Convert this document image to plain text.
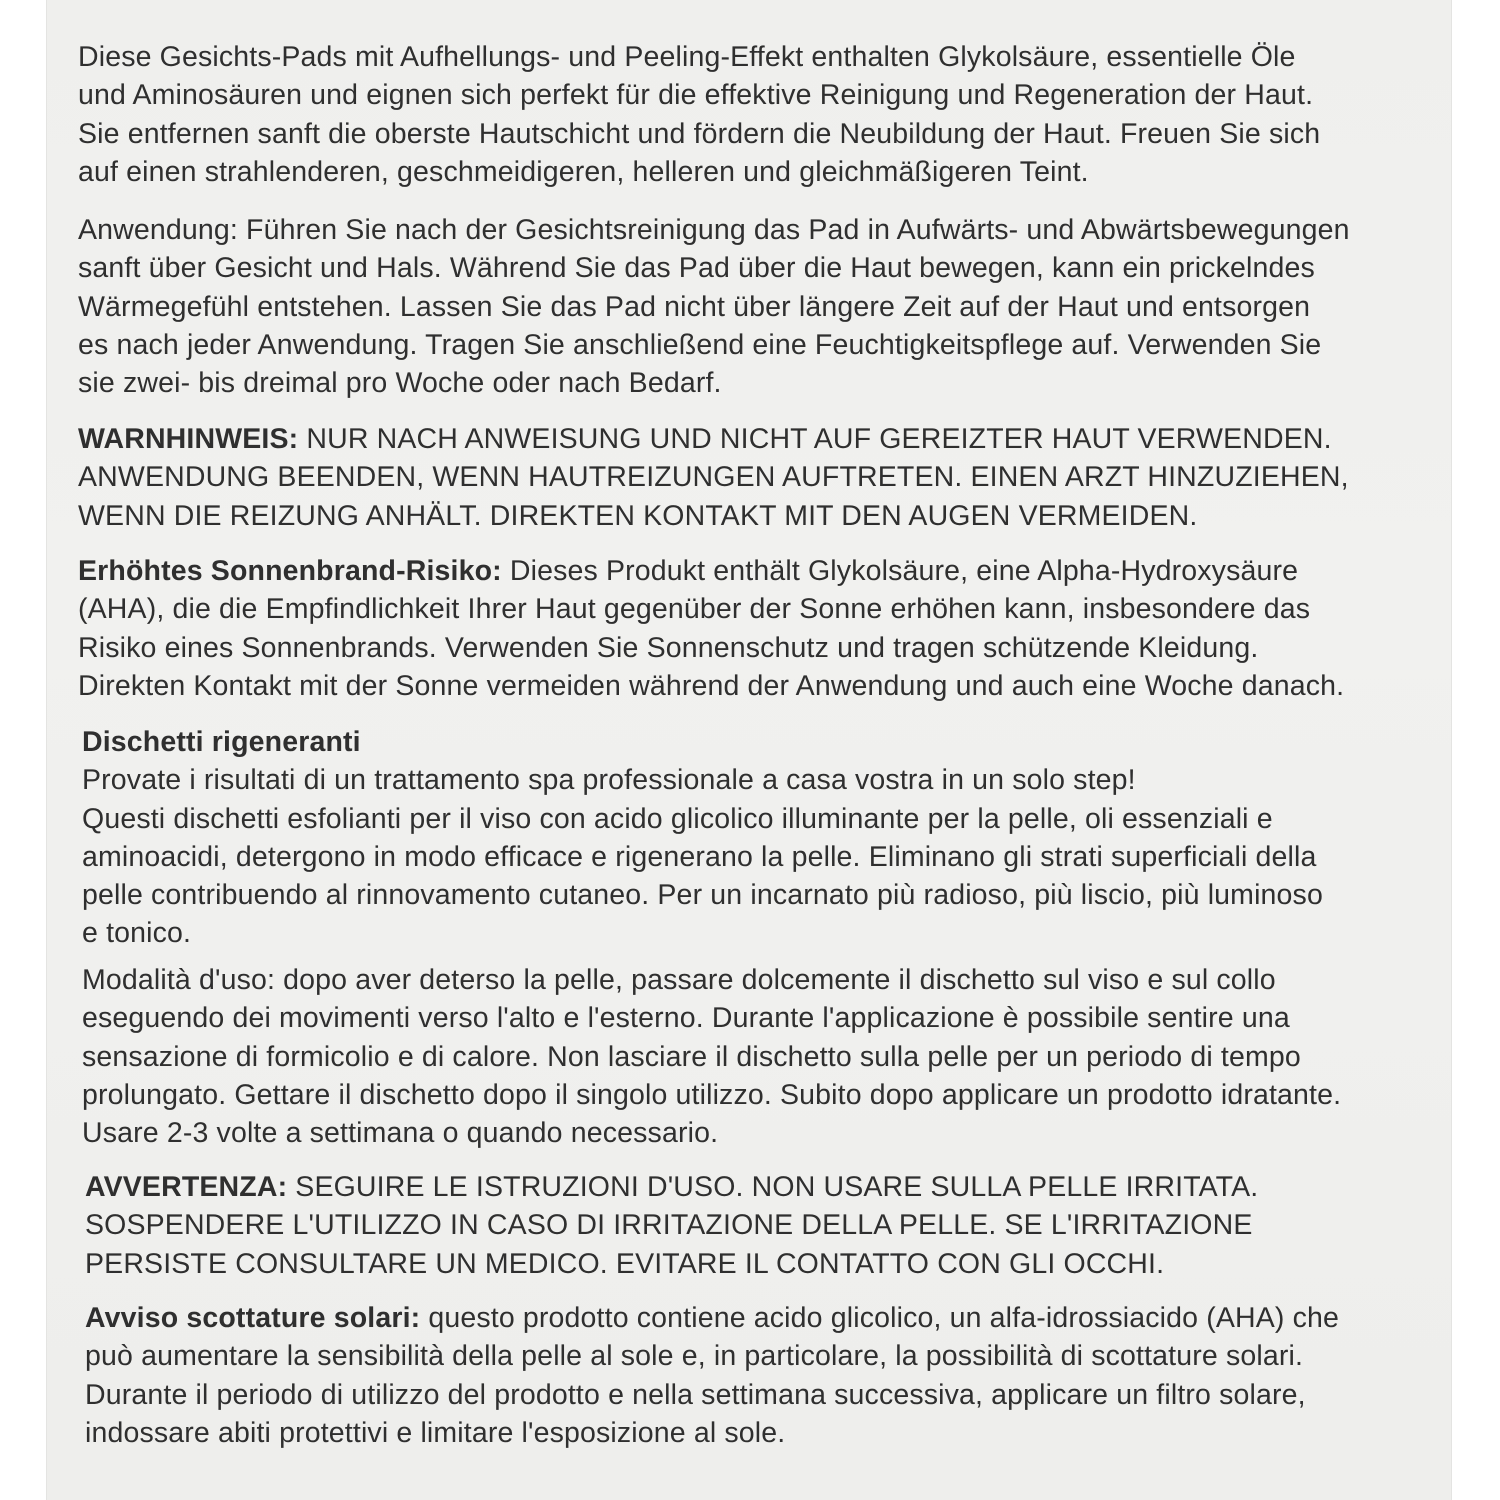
Diese Gesichts-Pads mit Aufhellungs- und Peeling-Effekt enthalten Glykolsäure, essentielle Öle
und Aminosäuren und eignen sich perfekt für die effektive Reinigung und Regeneration der Haut.
Sie entfernen sanft die oberste Hautschicht und fördern die Neubildung der Haut. Freuen Sie sich
auf einen strahlenderen, geschmeidigeren, helleren und gleichmäßigeren Teint.
Anwendung: Führen Sie nach der Gesichtsreinigung das Pad in Aufwärts- und Abwärtsbewegungen
sanft über Gesicht und Hals. Während Sie das Pad über die Haut bewegen, kann ein prickelndes
Wärmegefühl entstehen. Lassen Sie das Pad nicht über längere Zeit auf der Haut und entsorgen
es nach jeder Anwendung. Tragen Sie anschließend eine Feuchtigkeitspflege auf. Verwenden Sie
sie zwei- bis dreimal pro Woche oder nach Bedarf.
WARNHINWEIS: NUR NACH ANWEISUNG UND NICHT AUF GEREIZTER HAUT VERWENDEN.
ANWENDUNG BEENDEN, WENN HAUTREIZUNGEN AUFTRETEN. EINEN ARZT HINZUZIEHEN,
WENN DIE REIZUNG ANHÄLT. DIREKTEN KONTAKT MIT DEN AUGEN VERMEIDEN.
Erhöhtes Sonnenbrand-Risiko: Dieses Produkt enthält Glykolsäure, eine Alpha-Hydroxysäure
(AHA), die die Empfindlichkeit Ihrer Haut gegenüber der Sonne erhöhen kann, insbesondere das
Risiko eines Sonnenbrands. Verwenden Sie Sonnenschutz und tragen schützende Kleidung.
Direkten Kontakt mit der Sonne vermeiden während der Anwendung und auch eine Woche danach.
Dischetti rigeneranti
Provate i risultati di un trattamento spa professionale a casa vostra in un solo step!
Questi dischetti esfolianti per il viso con acido glicolico illuminante per la pelle, oli essenziali e
aminoacidi, detergono in modo efficace e rigenerano la pelle. Eliminano gli strati superficiali della
pelle contribuendo al rinnovamento cutaneo. Per un incarnato più radioso, più liscio, più luminoso
e tonico.
Modalità d'uso: dopo aver deterso la pelle, passare dolcemente il dischetto sul viso e sul collo
eseguendo dei movimenti verso l'alto e l'esterno. Durante l'applicazione è possibile sentire una
sensazione di formicolio e di calore. Non lasciare il dischetto sulla pelle per un periodo di tempo
prolungato. Gettare il dischetto dopo il singolo utilizzo. Subito dopo applicare un prodotto idratante.
Usare 2-3 volte a settimana o quando necessario.
AVVERTENZA: SEGUIRE LE ISTRUZIONI D'USO. NON USARE SULLA PELLE IRRITATA.
SOSPENDERE L'UTILIZZO IN CASO DI IRRITAZIONE DELLA PELLE. SE L'IRRITAZIONE
PERSISTE CONSULTARE UN MEDICO. EVITARE IL CONTATTO CON GLI OCCHI.
Avviso scottature solari: questo prodotto contiene acido glicolico, un alfa-idrossiacido (AHA) che
può aumentare la sensibilità della pelle al sole e, in particolare, la possibilità di scottature solari.
Durante il periodo di utilizzo del prodotto e nella settimana successiva, applicare un filtro solare,
indossare abiti protettivi e limitare l'esposizione al sole.
